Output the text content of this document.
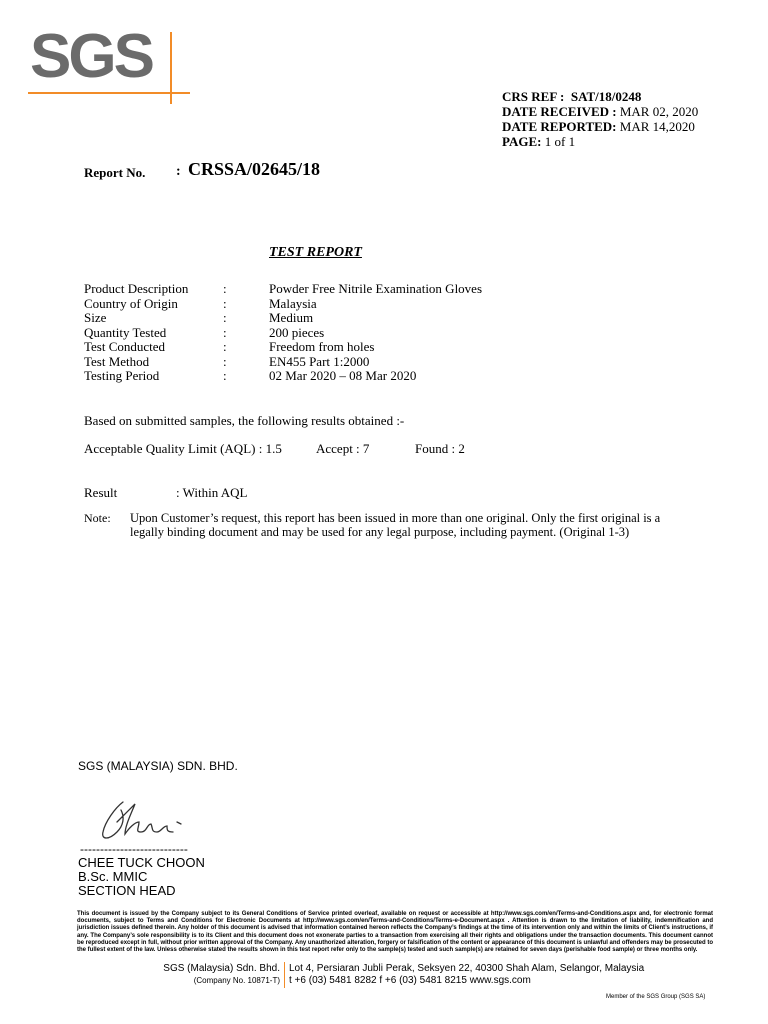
SGS
CRS REF : SAT/18/0248
DATE RECEIVED : MAR 02, 2020
DATE REPORTED: MAR 14,2020
PAGE: 1 of 1
Report No. : CRSSA/02645/18
TEST REPORT
Product Description	:	Powder Free Nitrile Examination Gloves
Country of Origin	:	Malaysia
Size	:	Medium
Quantity Tested	:	200 pieces
Test Conducted	:	Freedom from holes
Test Method	:	EN455 Part 1:2000
Testing Period	:	02 Mar 2020 – 08 Mar 2020
Based on submitted samples, the following results obtained :-
Acceptable Quality Limit (AQL) : 1.5	Accept : 7	Found : 2
Result	: Within AQL
Note: Upon Customer’s request, this report has been issued in more than one original. Only the first original is a
legally binding document and may be used for any legal purpose, including payment. (Original 1-3)
SGS (MALAYSIA) SDN. BHD.
---------------------------
CHEE TUCK CHOON
B.Sc. MMIC
SECTION HEAD
This document is issued by the Company subject to its General Conditions of Service printed overleaf, available on request or accessible at http://www.sgs.com/en/Terms-and-Conditions.aspx and, for electronic format documents, subject to Terms and Conditions for Electronic Documents at http://www.sgs.com/en/Terms-and-Conditions/Terms-e-Document.aspx . Attention is drawn to the limitation of liability, indemnification and jurisdiction issues defined therein. Any holder of this document is advised that information contained hereon reflects the Company’s findings at the time of its intervention only and within the limits of Client’s instructions, if any. The Company’s sole responsibility is to its Client and this document does not exonerate parties to a transaction from exercising all their rights and obligations under the transaction documents. This document cannot be reproduced except in full, without prior written approval of the Company. Any unauthorized alteration, forgery or falsification of the content or appearance of this document is unlawful and offenders may be prosecuted to the fullest extent of the law. Unless otherwise stated the results shown in this test report refer only to the sample(s) tested and such sample(s) are retained for seven days (perishable food sample) or three months only.
SGS (Malaysia) Sdn. Bhd.
(Company No. 10871-T)
Lot 4, Persiaran Jubli Perak, Seksyen 22, 40300 Shah Alam, Selangor, Malaysia
t +6 (03) 5481 8282 f +6 (03) 5481 8215 www.sgs.com
Member of the SGS Group (SGS SA)
